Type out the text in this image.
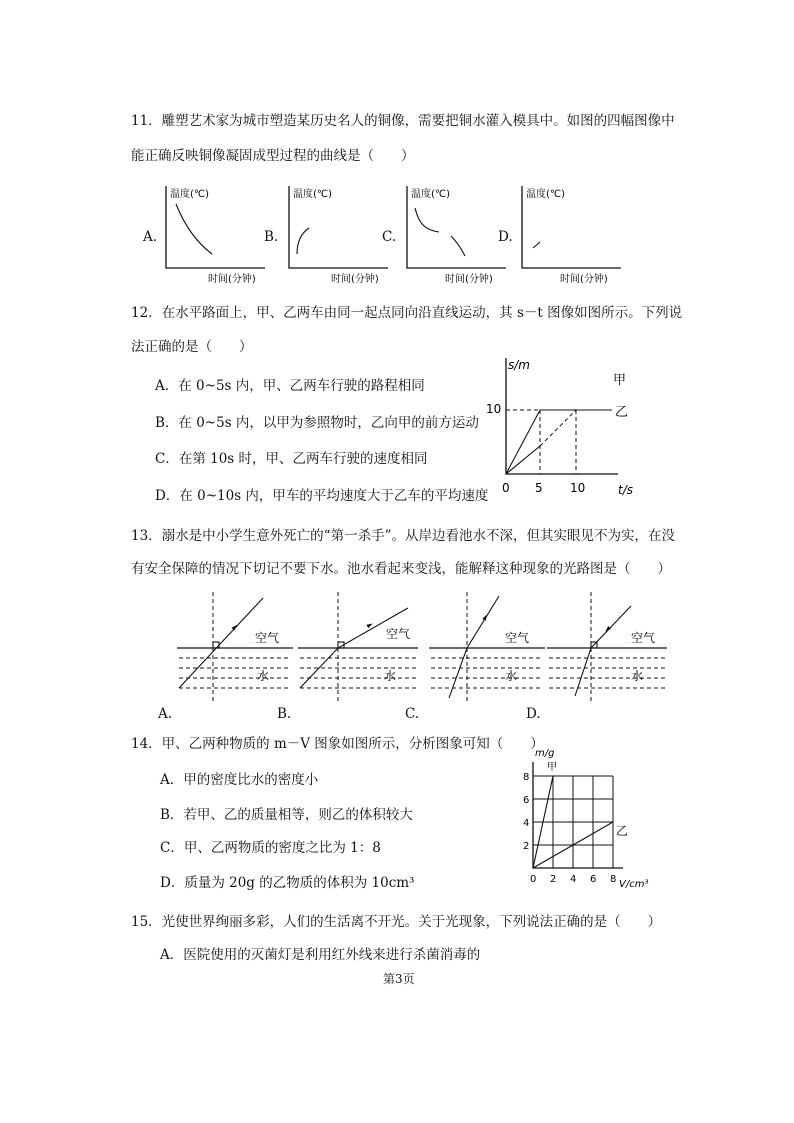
11．雕塑艺术家为城市塑造某历史名人的铜像，需要把铜水灌入模具中。如图的四幅图像中
能正确反映铜像凝固成型过程的曲线是（　　）
A.	B.	C.	D.
温度(℃)
时间(分钟)
温度(℃)
时间(分钟)
温度(℃)
时间(分钟)
温度(℃)
时间(分钟)
12．在水平路面上，甲、乙两车由同一起点同向沿直线运动，其 s－t 图像如图所示。下列说
法正确的是（　　）
A．在 0~5s 内，甲、乙两车行驶的路程相同
B．在 0~5s 内，以甲为参照物时，乙向甲的前方运动
C．在第 10s 时，甲、乙两车行驶的速度相同
D．在 0~10s 内，甲车的平均速度大于乙车的平均速度
s/m
t/s
0
10
5 10
甲
乙
13．溺水是中小学生意外死亡的“第一杀手”。从岸边看池水不深，但其实眼见不为实，在没
有安全保障的情况下切记不要下水。池水看起来变浅，能解释这种现象的光路图是（　　）
A.	B.	C.	D.
空气
水
空气
水
空气
水
空气
水
14．甲、乙两种物质的 m－V 图象如图所示，分析图象可知（　　）
A．甲的密度比水的密度小
B．若甲、乙的质量相等，则乙的体积较大
C．甲、乙两物质的密度之比为 1：8
D．质量为 20g 的乙物质的体积为 10cm³
m/g
V/cm³
8
6
4
2
0 2 4 6 8
甲
乙
15．光使世界绚丽多彩，人们的生活离不开光。关于光现象，下列说法正确的是（　　）
A．医院使用的灭菌灯是利用红外线来进行杀菌消毒的
第3页
